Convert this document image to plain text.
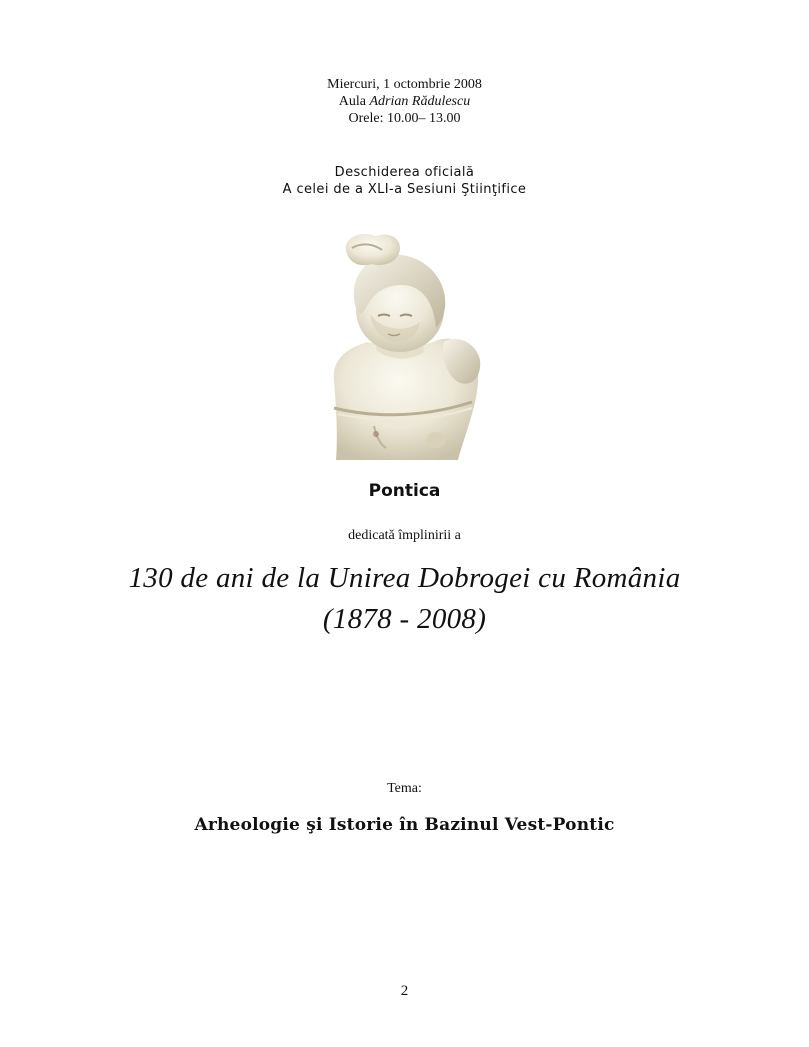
Miercuri, 1 octombrie 2008
Aula Adrian Rădulescu
Orele: 10.00– 13.00
Deschiderea oficială
A celei de a XLI-a Sesiuni Ştiinţifice
Pontica
dedicată împlinirii a
130 de ani de la Unirea Dobrogei cu România
(1878 - 2008)
Tema:
Arheologie şi Istorie în Bazinul Vest-Pontic
2
